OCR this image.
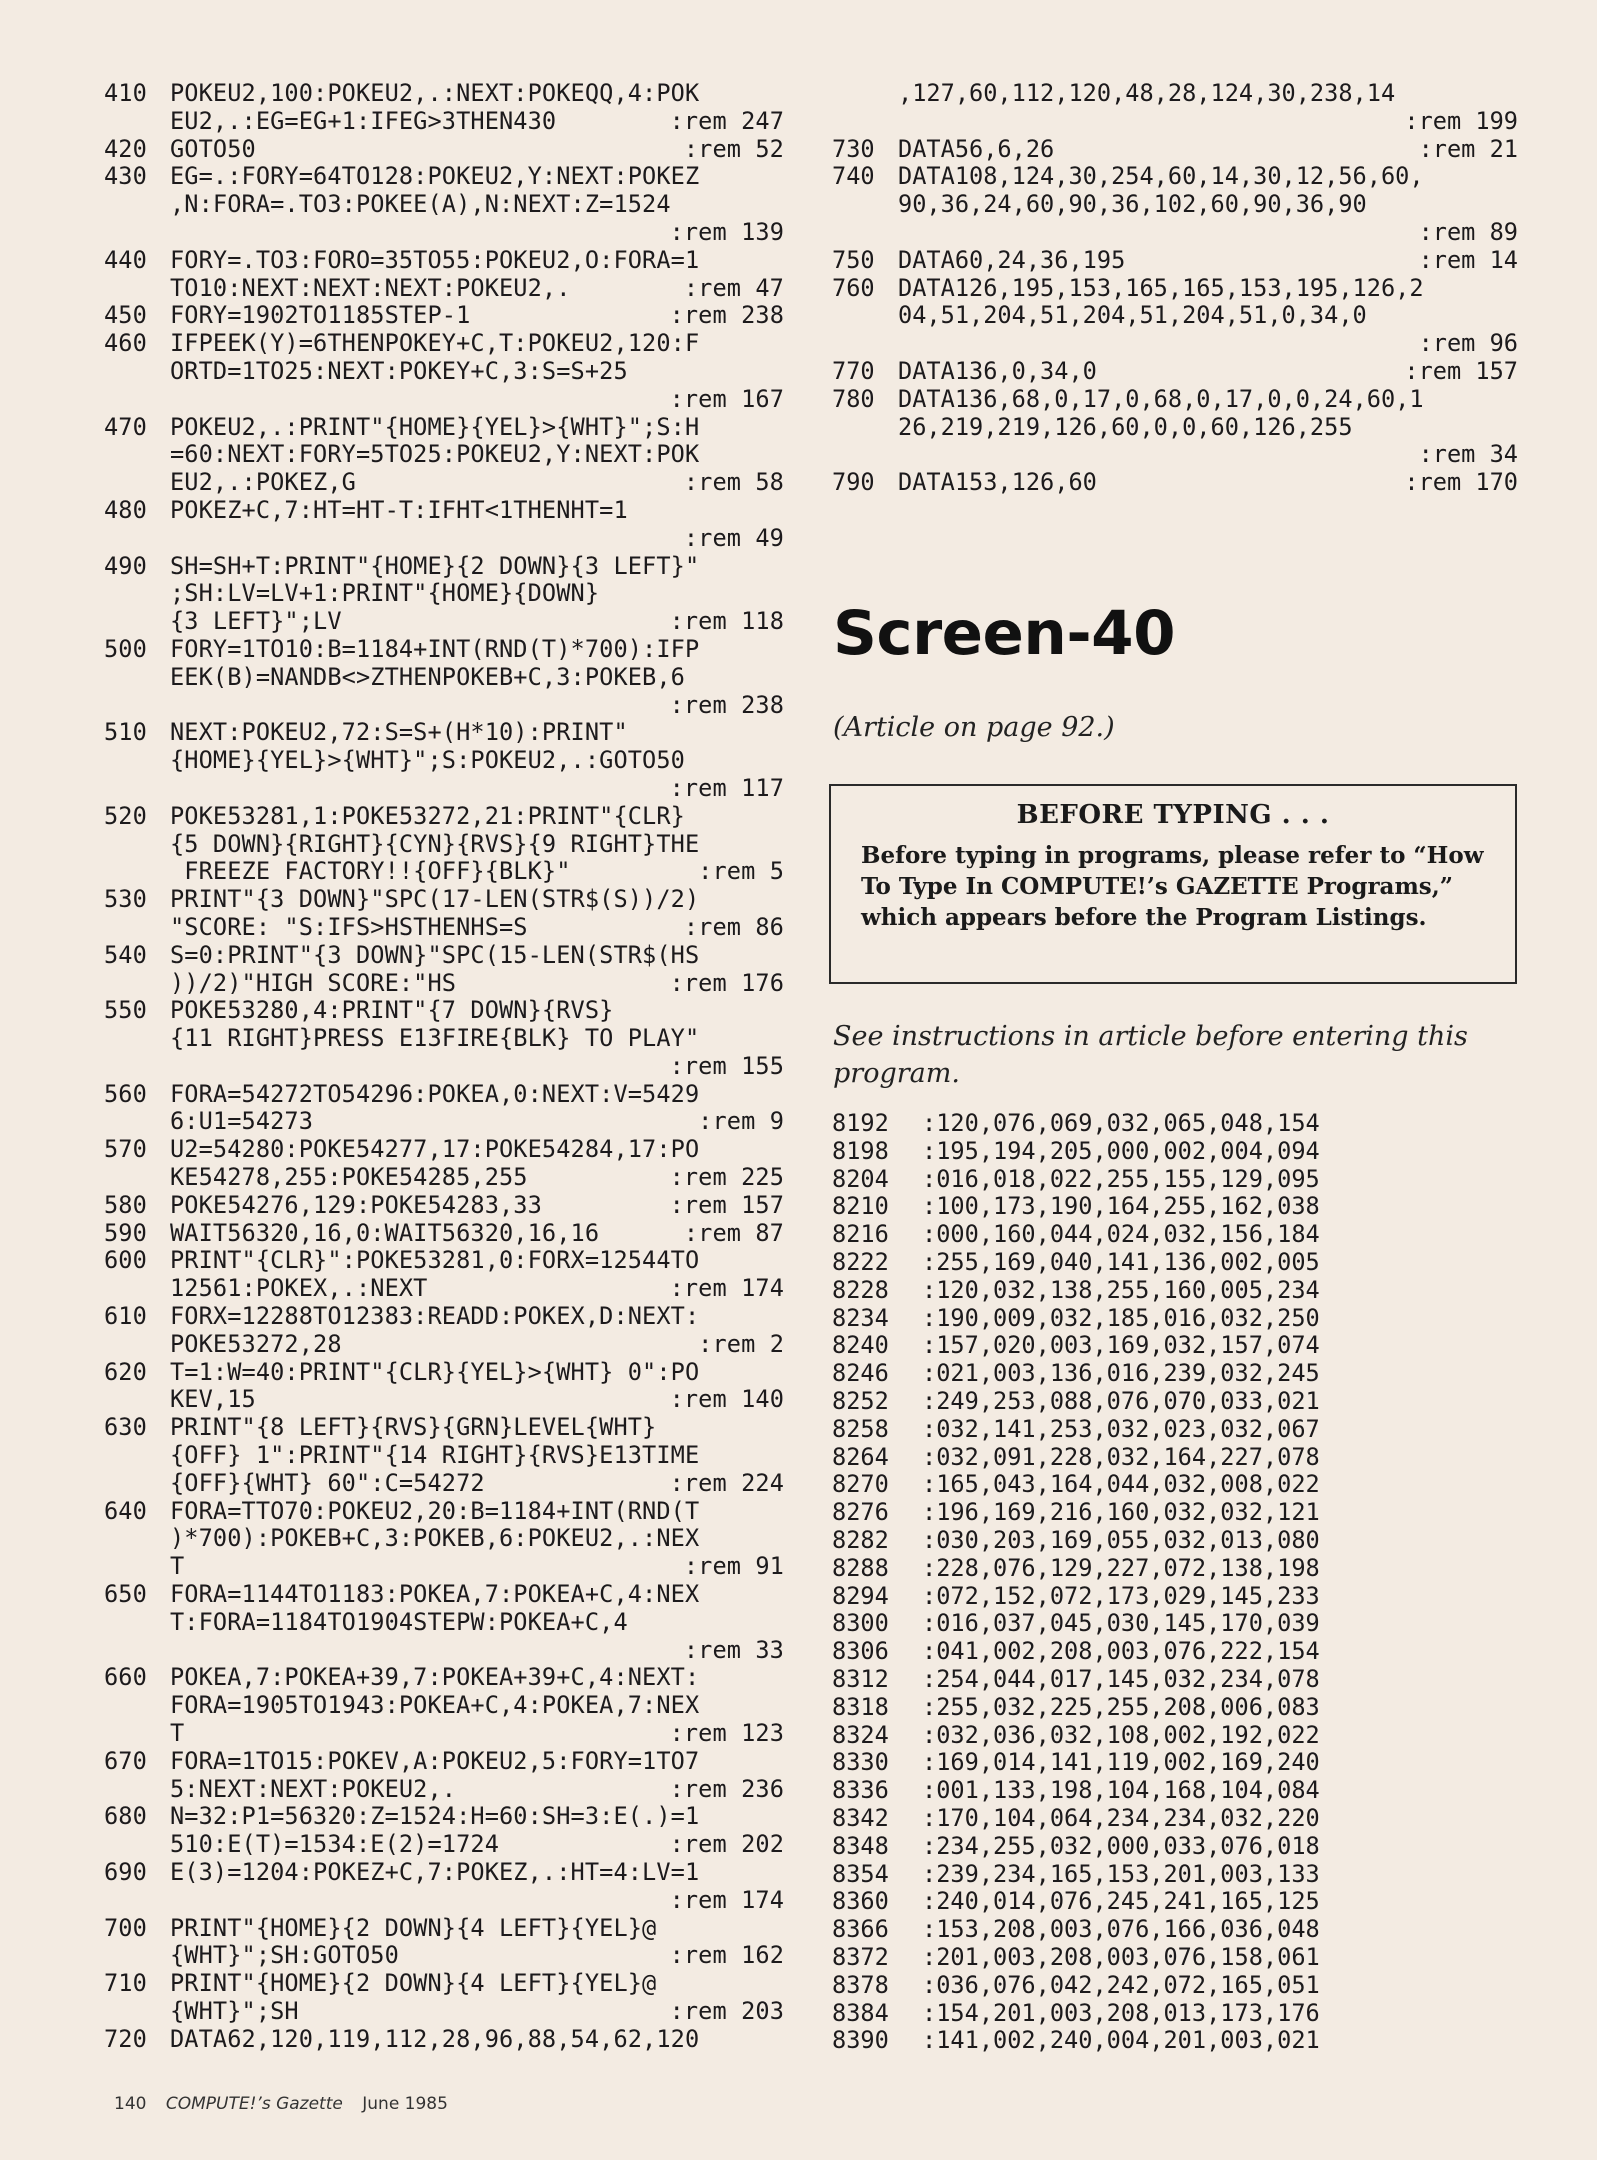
410 POKEU2,100:POKEU2,.:NEXT:POKEQQ,4:POK
EU2,.:EG=EG+1:IFEG>3THEN430	:rem 247
420 GOTO50	:rem 52
430 EG=.:FORY=64TO128:POKEU2,Y:NEXT:POKEZ
,N:FORA=.TO3:POKEE(A),N:NEXT:Z=1524
:rem 139
440 FORY=.TO3:FORO=35TO55:POKEU2,O:FORA=1
TO10:NEXT:NEXT:NEXT:POKEU2,.	:rem 47
450 FORY=1902TO1185STEP-1	:rem 238
460 IFPEEK(Y)=6THENPOKEY+C,T:POKEU2,120:F
ORTD=1TO25:NEXT:POKEY+C,3:S=S+25
:rem 167
470 POKEU2,.:PRINT"{HOME}{YEL}>{WHT}";S:H
=60:NEXT:FORY=5TO25:POKEU2,Y:NEXT:POK
EU2,.:POKEZ,G	:rem 58
480 POKEZ+C,7:HT=HT-T:IFHT<1THENHT=1
:rem 49
490 SH=SH+T:PRINT"{HOME}{2 DOWN}{3 LEFT}"
;SH:LV=LV+1:PRINT"{HOME}{DOWN}
{3 LEFT}";LV	:rem 118
500 FORY=1TO10:B=1184+INT(RND(T)*700):IFP
EEK(B)=NANDB<>ZTHENPOKEB+C,3:POKEB,6
:rem 238
510 NEXT:POKEU2,72:S=S+(H*10):PRINT"
{HOME}{YEL}>{WHT}";S:POKEU2,.:GOTO50
:rem 117
520 POKE53281,1:POKE53272,21:PRINT"{CLR}
{5 DOWN}{RIGHT}{CYN}{RVS}{9 RIGHT}THE
FREEZE FACTORY!!{OFF}{BLK}"	:rem 5
530 PRINT"{3 DOWN}"SPC(17-LEN(STR$(S))/2)
"SCORE: "S:IFS>HSTHENHS=S	:rem 86
540 S=0:PRINT"{3 DOWN}"SPC(15-LEN(STR$(HS
))/2)"HIGH SCORE:"HS	:rem 176
550 POKE53280,4:PRINT"{7 DOWN}{RVS}
{11 RIGHT}PRESS E13FIRE{BLK} TO PLAY"
:rem 155
560 FORA=54272TO54296:POKEA,0:NEXT:V=5429
6:U1=54273	:rem 9
570 U2=54280:POKE54277,17:POKE54284,17:PO
KE54278,255:POKE54285,255	:rem 225
580 POKE54276,129:POKE54283,33	:rem 157
590 WAIT56320,16,0:WAIT56320,16,16	:rem 87
600 PRINT"{CLR}":POKE53281,0:FORX=12544TO
12561:POKEX,.:NEXT	:rem 174
610 FORX=12288TO12383:READD:POKEX,D:NEXT:
POKE53272,28	:rem 2
620 T=1:W=40:PRINT"{CLR}{YEL}>{WHT} 0":PO
KEV,15	:rem 140
630 PRINT"{8 LEFT}{RVS}{GRN}LEVEL{WHT}
{OFF} 1":PRINT"{14 RIGHT}{RVS}E13TIME
{OFF}{WHT} 60":C=54272	:rem 224
640 FORA=TTO70:POKEU2,20:B=1184+INT(RND(T
)*700):POKEB+C,3:POKEB,6:POKEU2,.:NEX
T	:rem 91
650 FORA=1144TO1183:POKEA,7:POKEA+C,4:NEX
T:FORA=1184TO1904STEPW:POKEA+C,4
:rem 33
660 POKEA,7:POKEA+39,7:POKEA+39+C,4:NEXT:
FORA=1905TO1943:POKEA+C,4:POKEA,7:NEX
T	:rem 123
670 FORA=1TO15:POKEV,A:POKEU2,5:FORY=1TO7
5:NEXT:NEXT:POKEU2,.	:rem 236
680 N=32:P1=56320:Z=1524:H=60:SH=3:E(.)=1
510:E(T)=1534:E(2)=1724	:rem 202
690 E(3)=1204:POKEZ+C,7:POKEZ,.:HT=4:LV=1
:rem 174
700 PRINT"{HOME}{2 DOWN}{4 LEFT}{YEL}@
{WHT}";SH:GOTO50	:rem 162
710 PRINT"{HOME}{2 DOWN}{4 LEFT}{YEL}@
{WHT}";SH	:rem 203
720 DATA62,120,119,112,28,96,88,54,62,120
,127,60,112,120,48,28,124,30,238,14
:rem 199
730 DATA56,6,26	:rem 21
740 DATA108,124,30,254,60,14,30,12,56,60,
90,36,24,60,90,36,102,60,90,36,90
:rem 89
750 DATA60,24,36,195	:rem 14
760 DATA126,195,153,165,165,153,195,126,2
04,51,204,51,204,51,204,51,0,34,0
:rem 96
770 DATA136,0,34,0	:rem 157
780 DATA136,68,0,17,0,68,0,17,0,0,24,60,1
26,219,219,126,60,0,0,60,126,255
:rem 34
790 DATA153,126,60	:rem 170
Screen-40

(Article on page 92.)

BEFORE TYPING . . .

Before typing in programs, please refer to “How To Type In COMPUTE!’s GAZETTE Programs,” which appears before the Program Listings.

See instructions in article before entering this program.

8192	:120,076,069,032,065,048,154
8198	:195,194,205,000,002,004,094
8204	:016,018,022,255,155,129,095
8210	:100,173,190,164,255,162,038
8216	:000,160,044,024,032,156,184
8222	:255,169,040,141,136,002,005
8228	:120,032,138,255,160,005,234
8234	:190,009,032,185,016,032,250
8240	:157,020,003,169,032,157,074
8246	:021,003,136,016,239,032,245
8252	:249,253,088,076,070,033,021
8258	:032,141,253,032,023,032,067
8264	:032,091,228,032,164,227,078
8270	:165,043,164,044,032,008,022
8276	:196,169,216,160,032,032,121
8282	:030,203,169,055,032,013,080
8288	:228,076,129,227,072,138,198
8294	:072,152,072,173,029,145,233
8300	:016,037,045,030,145,170,039
8306	:041,002,208,003,076,222,154
8312	:254,044,017,145,032,234,078
8318	:255,032,225,255,208,006,083
8324	:032,036,032,108,002,192,022
8330	:169,014,141,119,002,169,240
8336	:001,133,198,104,168,104,084
8342	:170,104,064,234,234,032,220
8348	:234,255,032,000,033,076,018
8354	:239,234,165,153,201,003,133
8360	:240,014,076,245,241,165,125
8366	:153,208,003,076,166,036,048
8372	:201,003,208,003,076,158,061
8378	:036,076,042,242,072,165,051
8384	:154,201,003,208,013,173,176
8390	:141,002,240,004,201,003,021

140 COMPUTE!’s Gazette June 1985
